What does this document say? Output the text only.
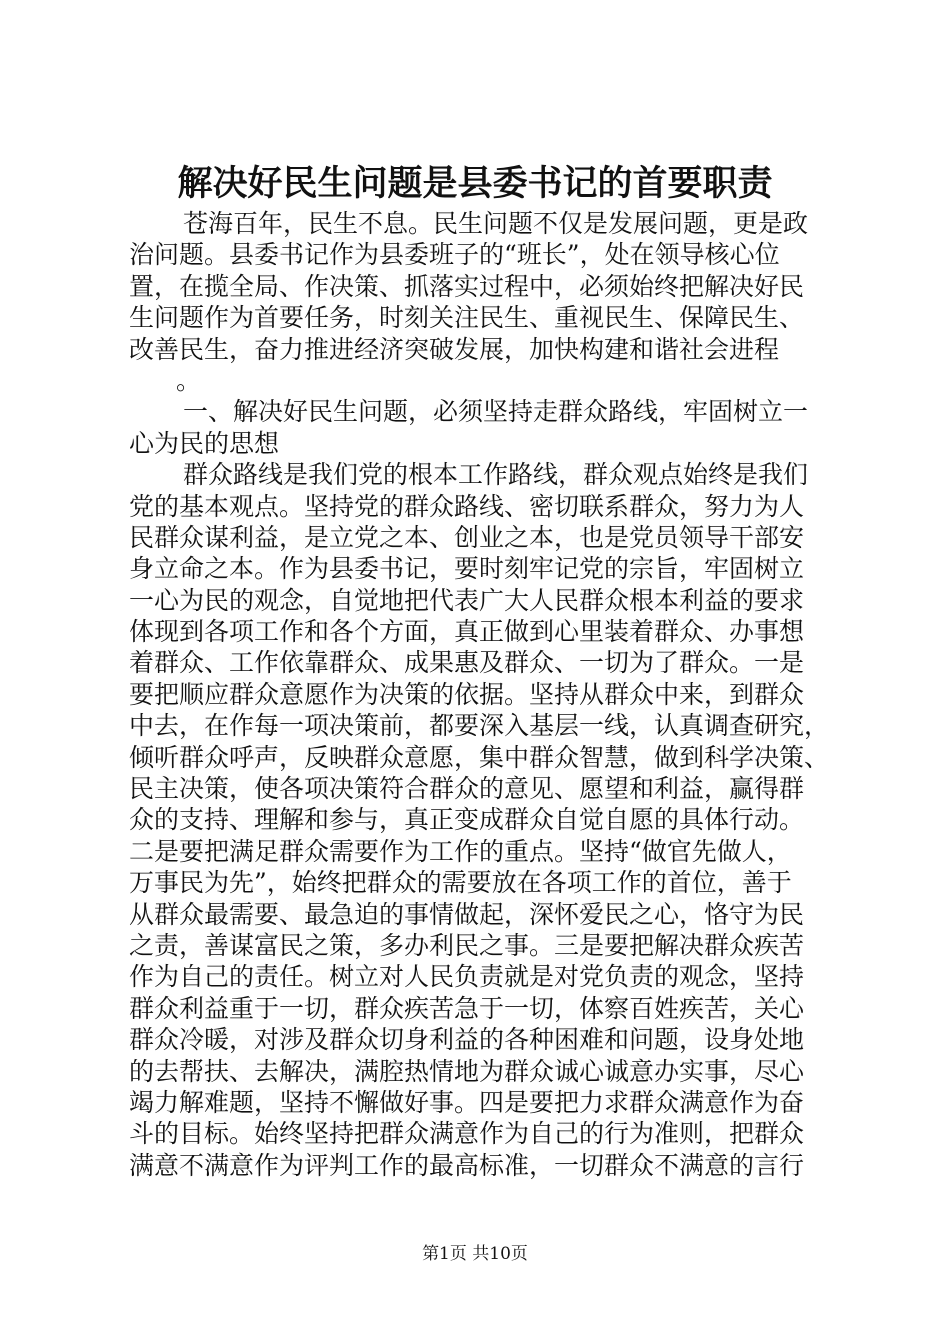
解决好民生问题是县委书记的首要职责
苍海百年，民生不息。民生问题不仅是发展问题，更是政
治问题。县委书记作为县委班子的“班长”，处在领导核心位
置，在揽全局、作决策、抓落实过程中，必须始终把解决好民
生问题作为首要任务，时刻关注民生、重视民生、保障民生、
改善民生，奋力推进经济突破发展，加快构建和谐社会进程
。
一、解决好民生问题，必须坚持走群众路线，牢固树立一
心为民的思想
群众路线是我们党的根本工作路线，群众观点始终是我们
党的基本观点。坚持党的群众路线、密切联系群众，努力为人
民群众谋利益，是立党之本、创业之本，也是党员领导干部安
身立命之本。作为县委书记，要时刻牢记党的宗旨，牢固树立
一心为民的观念，自觉地把代表广大人民群众根本利益的要求
体现到各项工作和各个方面，真正做到心里装着群众、办事想
着群众、工作依靠群众、成果惠及群众、一切为了群众。一是
要把顺应群众意愿作为决策的依据。坚持从群众中来，到群众
中去，在作每一项决策前，都要深入基层一线，认真调查研究，
倾听群众呼声，反映群众意愿，集中群众智慧，做到科学决策、
民主决策，使各项决策符合群众的意见、愿望和利益，赢得群
众的支持、理解和参与，真正变成群众自觉自愿的具体行动。
二是要把满足群众需要作为工作的重点。坚持“做官先做人，
万事民为先”，始终把群众的需要放在各项工作的首位，善于
从群众最需要、最急迫的事情做起，深怀爱民之心，恪守为民
之责，善谋富民之策，多办利民之事。三是要把解决群众疾苦
作为自己的责任。树立对人民负责就是对党负责的观念，坚持
群众利益重于一切，群众疾苦急于一切，体察百姓疾苦，关心
群众冷暖，对涉及群众切身利益的各种困难和问题，设身处地
的去帮扶、去解决，满腔热情地为群众诚心诚意办实事，尽心
竭力解难题，坚持不懈做好事。四是要把力求群众满意作为奋
斗的目标。始终坚持把群众满意作为自己的行为准则，把群众
满意不满意作为评判工作的最高标准，一切群众不满意的言行
第1页 共10页
